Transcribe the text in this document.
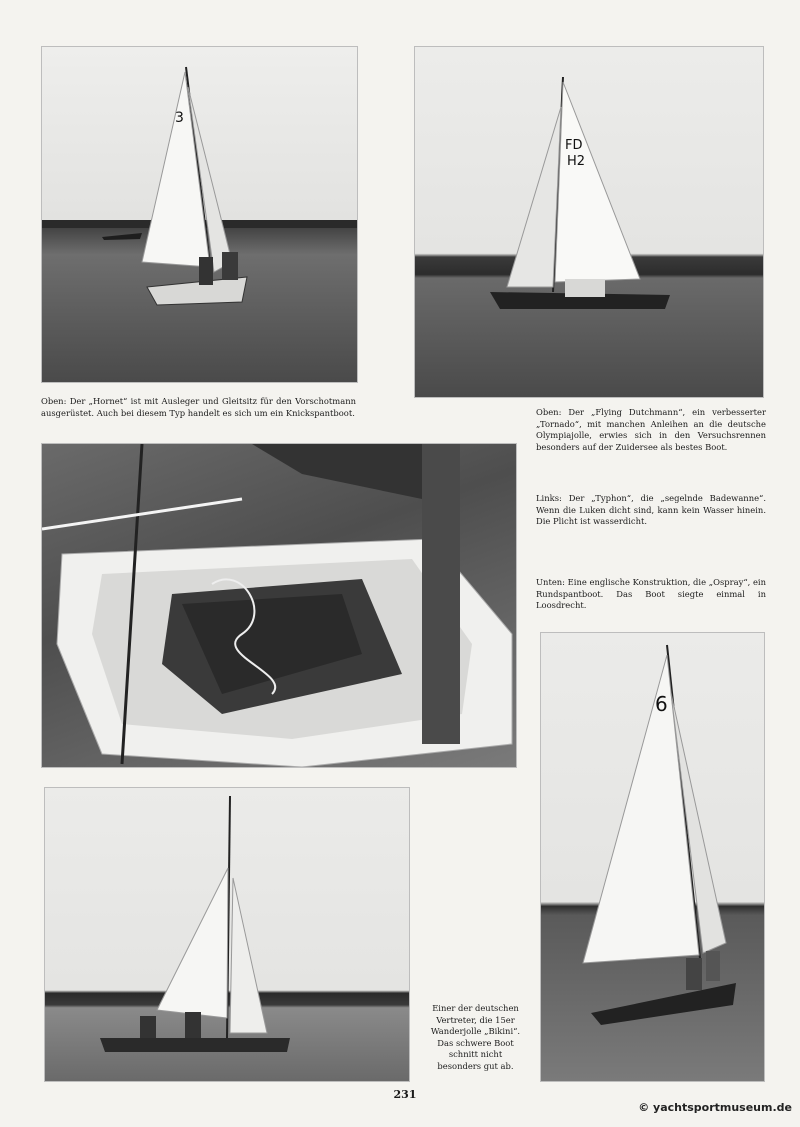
3
FD
H2
Oben: Der „Hornet“ ist mit Ausleger und Gleitsitz für den Vorschotmann ausgerüstet. Auch bei diesem Typ handelt es sich um ein Knickspantboot.	Oben: Der „Flying Dutchmann“, ein verbesserter „Tornado“, mit manchen Anleihen an die deutsche Olympiajolle, erwies sich in den Versuchsrennen besonders auf der Zuidersee als bestes Boot.
Links: Der „Typhon“, die „segelnde Badewanne“. Wenn die Luken dicht sind, kann kein Wasser hinein. Die Plicht ist wasserdicht.
Unten: Eine englische Konstruktion, die „Ospray“, ein Rundspantboot. Das Boot siegte einmal in Loosdrecht.
6
Einer der deutschen Vertreter, die 15er Wanderjolle „Bikini“. Das schwere Boot schnitt nicht besonders gut ab.
231
© yachtsportmuseum.de
